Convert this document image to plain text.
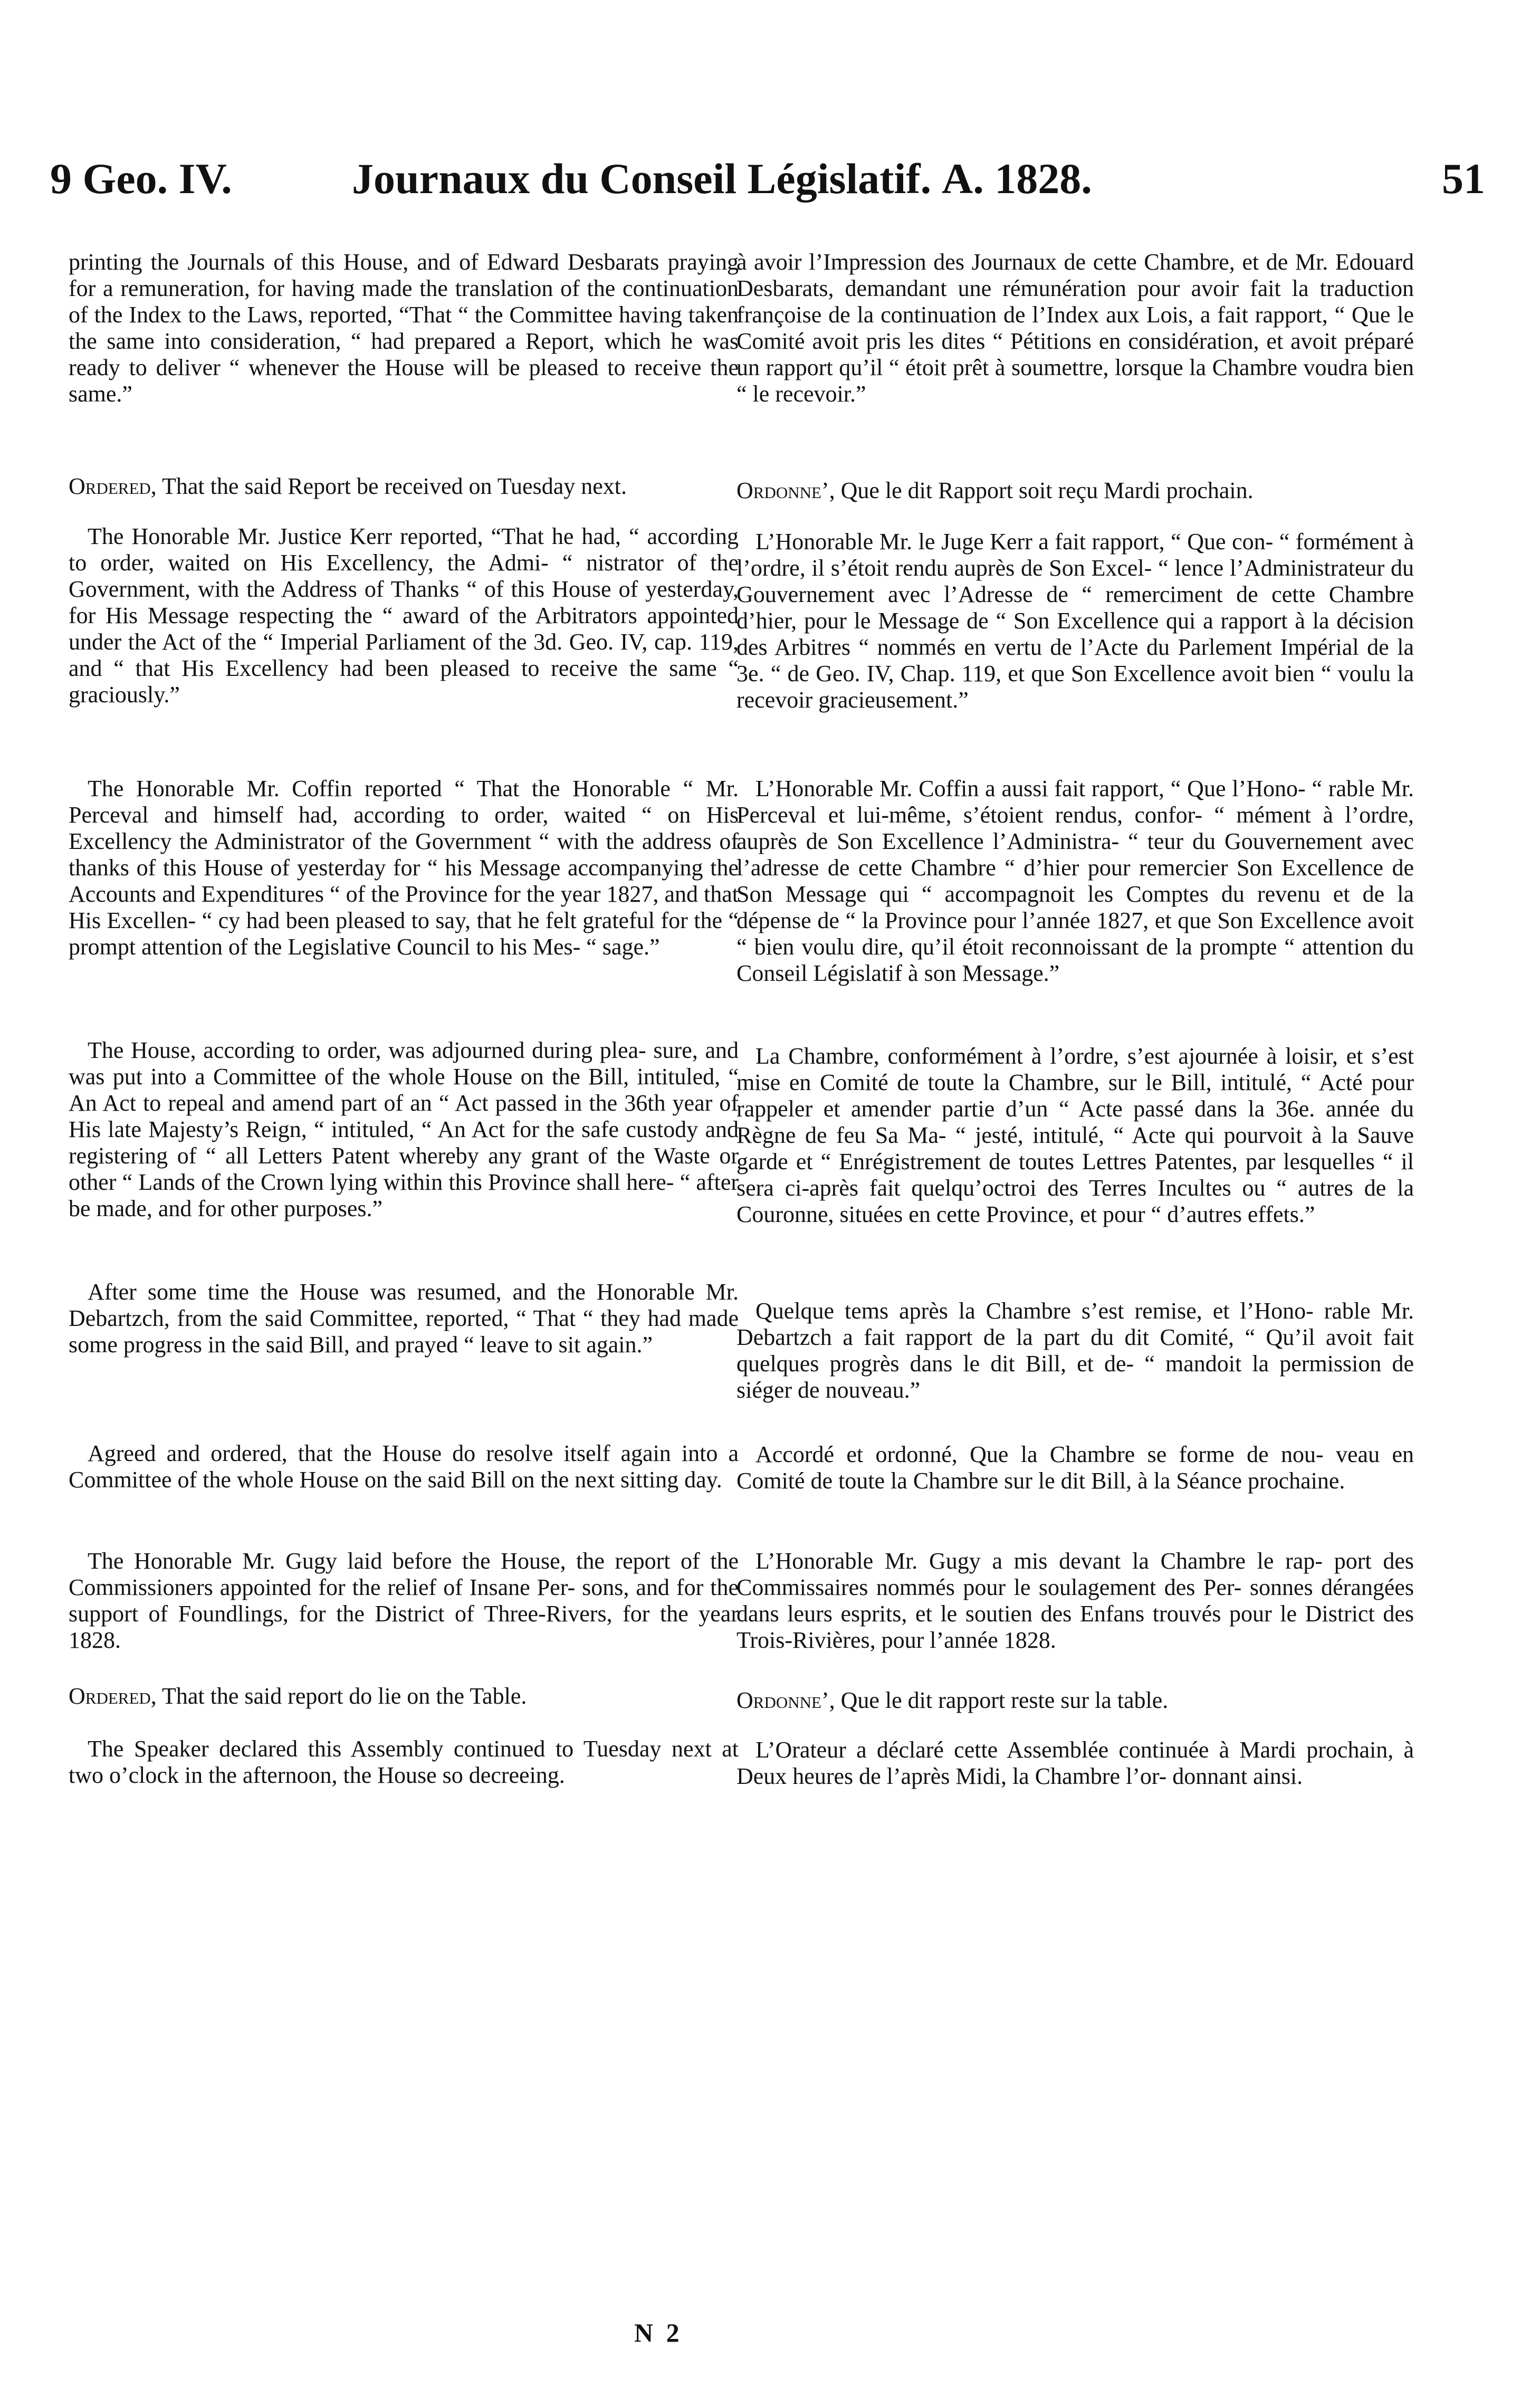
9 Geo. IV.	Journaux du Conseil Législatif. A. 1828.	51

printing the Journals of this House, and of Edward Desbarats praying for a remuneration, for having made the translation of the continuation of the Index to the Laws, reported, “That “ the Committee having taken the same into consideration, “ had prepared a Report, which he was ready to deliver “ whenever the House will be pleased to receive the same.”

Ordered, That the said Report be received on Tuesday next.

The Honorable Mr. Justice Kerr reported, “That he had, “ according to order, waited on His Excellency, the Admi- “ nistrator of the Government, with the Address of Thanks “ of this House of yesterday, for His Message respecting the “ award of the Arbitrators appointed under the Act of the “ Imperial Parliament of the 3d. Geo. IV, cap. 119, and “ that His Excellency had been pleased to receive the same “ graciously.”

The Honorable Mr. Coffin reported “ That the Honorable “ Mr. Perceval and himself had, according to order, waited “ on His Excellency the Administrator of the Government “ with the address of thanks of this House of yesterday for “ his Message accompanying the Accounts and Expenditures “ of the Province for the year 1827, and that His Excellen- “ cy had been pleased to say, that he felt grateful for the “ prompt attention of the Legislative Council to his Mes- “ sage.”

The House, according to order, was adjourned during plea- sure, and was put into a Committee of the whole House on the Bill, intituled, “ An Act to repeal and amend part of an “ Act passed in the 36th year of His late Majesty’s Reign, “ intituled, “ An Act for the safe custody and registering of “ all Letters Patent whereby any grant of the Waste or other “ Lands of the Crown lying within this Province shall here- “ after be made, and for other purposes.”

After some time the House was resumed, and the Honorable Mr. Debartzch, from the said Committee, reported, “ That “ they had made some progress in the said Bill, and prayed “ leave to sit again.”

Agreed and ordered, that the House do resolve itself again into a Committee of the whole House on the said Bill on the next sitting day.

The Honorable Mr. Gugy laid before the House, the report of the Commissioners appointed for the relief of Insane Per- sons, and for the support of Foundlings, for the District of Three-Rivers, for the year 1828.

Ordered, That the said report do lie on the Table.

The Speaker declared this Assembly continued to Tuesday next at two o’clock in the afternoon, the House so decreeing.

à avoir l’Impression des Journaux de cette Chambre, et de Mr. Edouard Desbarats, demandant une rémunération pour avoir fait la traduction françoise de la continuation de l’Index aux Lois, a fait rapport, “ Que le Comité avoit pris les dites “ Pétitions en considération, et avoit préparé un rapport qu’il “ étoit prêt à soumettre, lorsque la Chambre voudra bien “ le recevoir.”

Ordonne’, Que le dit Rapport soit reçu Mardi prochain.

L’Honorable Mr. le Juge Kerr a fait rapport, “ Que con- “ formément à l’ordre, il s’étoit rendu auprès de Son Excel- “ lence l’Administrateur du Gouvernement avec l’Adresse de “ remerciment de cette Chambre d’hier, pour le Message de “ Son Excellence qui a rapport à la décision des Arbitres “ nommés en vertu de l’Acte du Parlement Impérial de la 3e. “ de Geo. IV, Chap. 119, et que Son Excellence avoit bien “ voulu la recevoir gracieusement.”

L’Honorable Mr. Coffin a aussi fait rapport, “ Que l’Hono- “ rable Mr. Perceval et lui-même, s’étoient rendus, confor- “ mément à l’ordre, auprès de Son Excellence l’Administra- “ teur du Gouvernement avec l’adresse de cette Chambre “ d’hier pour remercier Son Excellence de Son Message qui “ accompagnoit les Comptes du revenu et de la dépense de “ la Province pour l’année 1827, et que Son Excellence avoit “ bien voulu dire, qu’il étoit reconnoissant de la prompte “ attention du Conseil Législatif à son Message.”

La Chambre, conformément à l’ordre, s’est ajournée à loisir, et s’est mise en Comité de toute la Chambre, sur le Bill, intitulé, “ Acté pour rappeler et amender partie d’un “ Acte passé dans la 36e. année du Règne de feu Sa Ma- “ jesté, intitulé, “ Acte qui pourvoit à la Sauve garde et “ Enrégistrement de toutes Lettres Patentes, par lesquelles “ il sera ci-après fait quelqu’octroi des Terres Incultes ou “ autres de la Couronne, situées en cette Province, et pour “ d’autres effets.”

Quelque tems après la Chambre s’est remise, et l’Hono- rable Mr. Debartzch a fait rapport de la part du dit Comité, “ Qu’il avoit fait quelques progrès dans le dit Bill, et de- “ mandoit la permission de siéger de nouveau.”

Accordé et ordonné, Que la Chambre se forme de nou- veau en Comité de toute la Chambre sur le dit Bill, à la Séance prochaine.

L’Honorable Mr. Gugy a mis devant la Chambre le rap- port des Commissaires nommés pour le soulagement des Per- sonnes dérangées dans leurs esprits, et le soutien des Enfans trouvés pour le District des Trois-Rivières, pour l’année 1828.

Ordonne’, Que le dit rapport reste sur la table.

L’Orateur a déclaré cette Assemblée continuée à Mardi prochain, à Deux heures de l’après Midi, la Chambre l’or- donnant ainsi.

N 2
